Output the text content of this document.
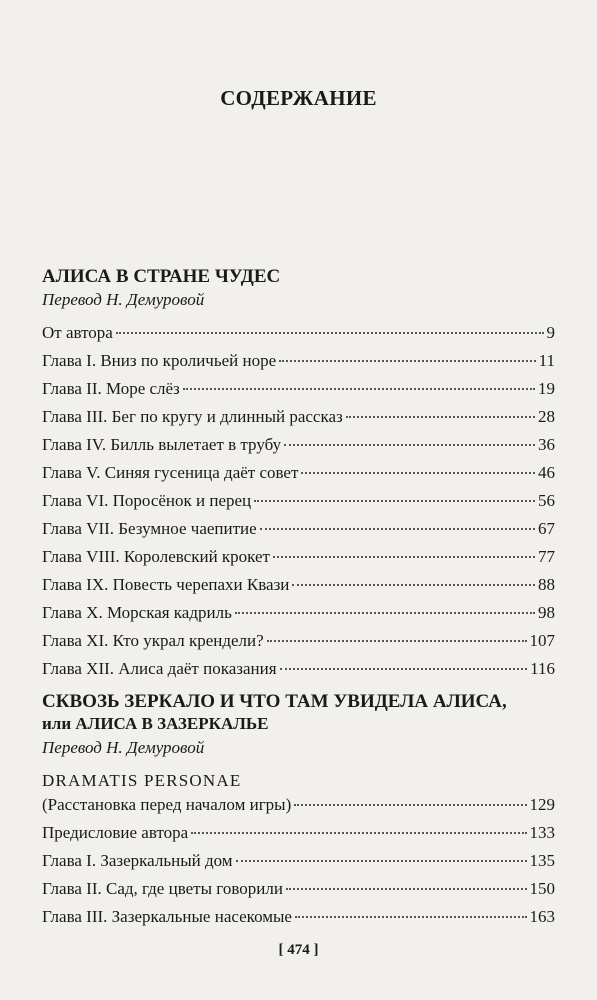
СОДЕРЖАНИЕ
АЛИСА В СТРАНЕ ЧУДЕС
Перевод Н. Демуровой
От автора	9
Глава I. Вниз по кроличьей норе	11
Глава II. Море слёз	19
Глава III. Бег по кругу и длинный рассказ	28
Глава IV. Билль вылетает в трубу	36
Глава V. Синяя гусеница даёт совет	46
Глава VI. Поросёнок и перец	56
Глава VII. Безумное чаепитие	67
Глава VIII. Королевский крокет	77
Глава IX. Повесть черепахи Квази	88
Глава X. Морская кадриль	98
Глава XI. Кто украл крендели?	107
Глава XII. Алиса даёт показания	116
СКВОЗЬ ЗЕРКАЛО И ЧТО ТАМ УВИДЕЛА АЛИСА,
или АЛИСА В ЗАЗЕРКАЛЬЕ
Перевод Н. Демуровой
DRAMATIS PERSONAE
(Расстановка перед началом игры)	129
Предисловие автора	133
Глава I. Зазеркальный дом	135
Глава II. Сад, где цветы говорили	150
Глава III. Зазеркальные насекомые	163
[ 474 ]
